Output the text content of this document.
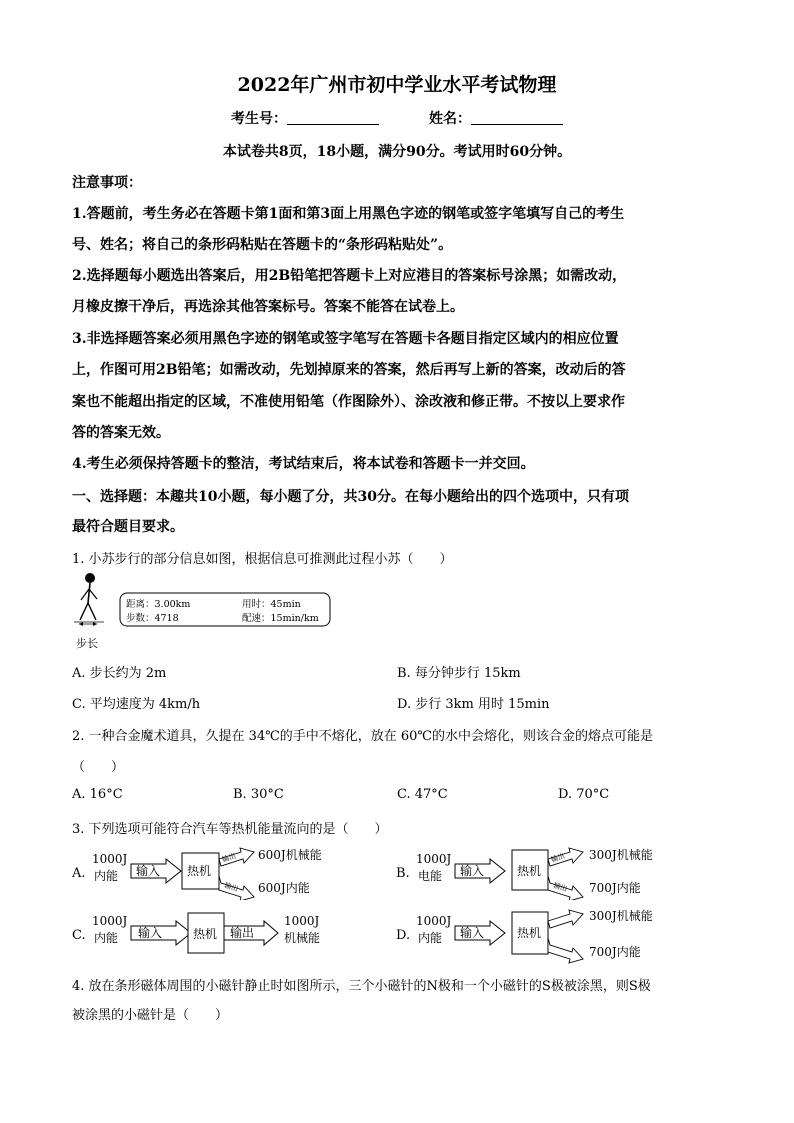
2022年广州市初中学业水平考试物理
考生号：	姓名：
本试卷共8页，18小题，满分90分。考试用时60分钟。
注意事项：
1.答题前，考生务必在答题卡第1面和第3面上用黑色字迹的钢笔或签字笔填写自己的考生
号、姓名；将自己的条形码粘贴在答题卡的“条形码粘贴处”。
2.选择题每小题选出答案后，用2B铅笔把答题卡上对应港目的答案标号涂黑；如需改动，
月橡皮擦干净后，再选涂其他答案标号。答案不能答在试卷上。
3.非选择题答案必须用黑色字迹的钢笔或签字笔写在答题卡各题目指定区域内的相应位置
上，作图可用2B铅笔；如需改动，先划掉原来的答案，然后再写上新的答案，改动后的答
案也不能超出指定的区域，不准使用铅笔（作图除外）、涂改液和修正带。不按以上要求作
答的答案无效。
4.考生必须保持答题卡的整洁，考试结束后，将本试卷和答题卡一并交回。
一、选择题：本趣共10小题，每小题了分，共30分。在每小题给出的四个选项中，只有项
最符合题目要求。
1. 小苏步行的部分信息如图，根据信息可推测此过程小苏（　　）
距离：3.00km	用时：45min
步数：4718	配速：15min/km
步长
A. 步长约为 2m	B. 每分钟步行 15km
C. 平均速度为 4km/h	D. 步行 3km 用时 15min
2. 一种合金魔术道具，久提在 34℃的手中不熔化，放在 60℃的水中会熔化，则该合金的熔点可能是
（　　）
A. 16°C	B. 30°C	C. 47°C	D. 70°C
3. 下列选项可能符合汽车等热机能量流向的是（　　）
A.
1000J
内能 输入 热机
输出
输出
600J机械能
600J内能
B.
1000J
电能 输入	热机
输出
输出
300J机械能
700J内能
C.
1000J
内能 输入	热机 输出
1000J
机械能	D.
1000J
内能 输入	热机
300J机械能
700J内能
4. 放在条形磁体周围的小磁针静止时如图所示，三个小磁针的N极和一个小磁针的S极被涂黑，则S极
被涂黑的小磁针是（　　）
